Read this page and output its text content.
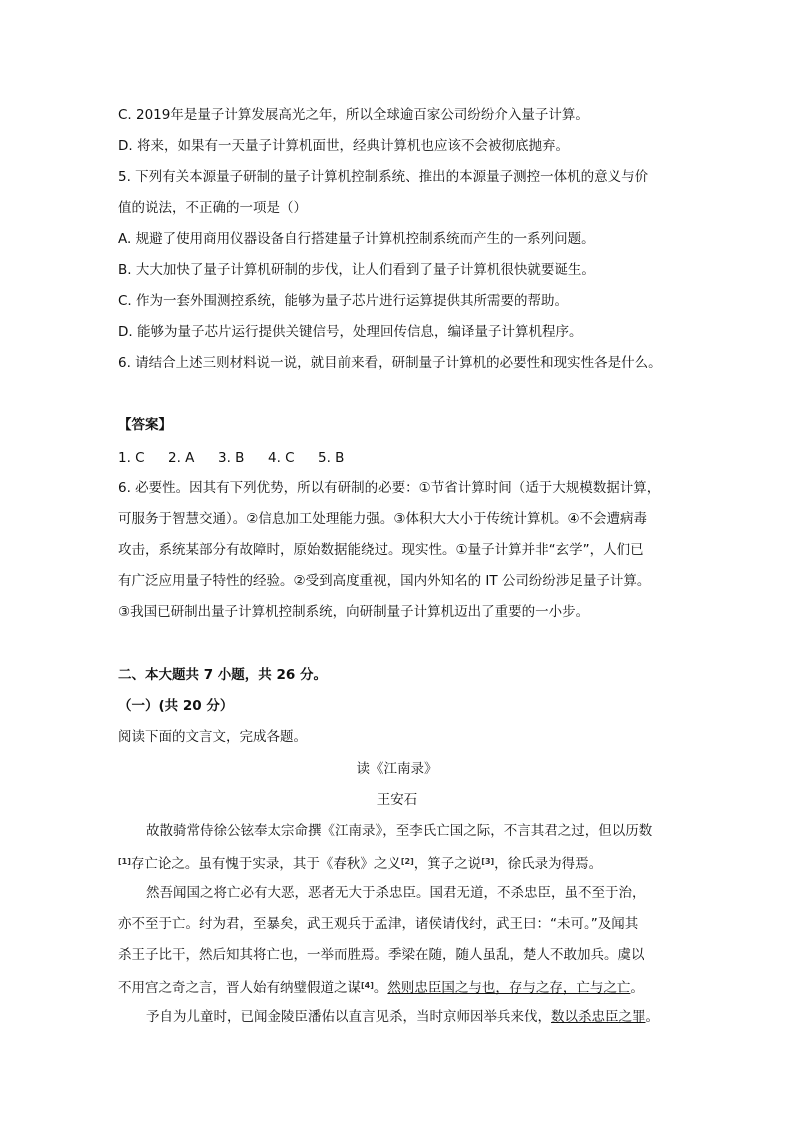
C. 2019年是量子计算发展高光之年，所以全球逾百家公司纷纷介入量子计算。
D. 将来，如果有一天量子计算机面世，经典计算机也应该不会被彻底抛弃。
5. 下列有关本源量子研制的量子计算机控制系统、推出的本源量子测控一体机的意义与价
值的说法，不正确的一项是（）
A. 规避了使用商用仪器设备自行搭建量子计算机控制系统而产生的一系列问题。
B. 大大加快了量子计算机研制的步伐，让人们看到了量子计算机很快就要诞生。
C. 作为一套外围测控系统，能够为量子芯片进行运算提供其所需要的帮助。
D. 能够为量子芯片运行提供关键信号，处理回传信息，编译量子计算机程序。
6. 请结合上述三则材料说一说，就目前来看，研制量子计算机的必要性和现实性各是什么。
【答案】
1. C 2. A 3. B 4. C 5. B
6. 必要性。因其有下列优势，所以有研制的必要：①节省计算时间（适于大规模数据计算，
可服务于智慧交通）。②信息加工处理能力强。③体积大大小于传统计算机。④不会遭病毒
攻击，系统某部分有故障时，原始数据能绕过。现实性。①量子计算并非“玄学”，人们已
有广泛应用量子特性的经验。②受到高度重视，国内外知名的 IT 公司纷纷涉足量子计算。
③我国已研制出量子计算机控制系统，向研制量子计算机迈出了重要的一小步。
二、本大题共 7 小题，共 26 分。
（一）(共 20 分）
阅读下面的文言文，完成各题。
读《江南录》
王安石
故散骑常侍徐公铉奉太宗命撰《江南录》，至李氏亡国之际，不言其君之过，但以历数
[1]存亡论之。虽有愧于实录，其于《春秋》之义[2]，箕子之说[3]，徐氏录为得焉。
然吾闻国之将亡必有大恶，恶者无大于杀忠臣。国君无道，不杀忠臣，虽不至于治，
亦不至于亡。纣为君，至暴矣，武王观兵于孟津，诸侯请伐纣，武王曰：“未可。”及闻其
杀王子比干，然后知其将亡也，一举而胜焉。季梁在随，随人虽乱，楚人不敢加兵。虞以
不用宫之奇之言，晋人始有纳璧假道之谋[4]。然则忠臣国之与也，存与之存，亡与之亡。
予自为儿童时，已闻金陵臣潘佑以直言见杀，当时京师因举兵来伐，数以杀忠臣之罪。
